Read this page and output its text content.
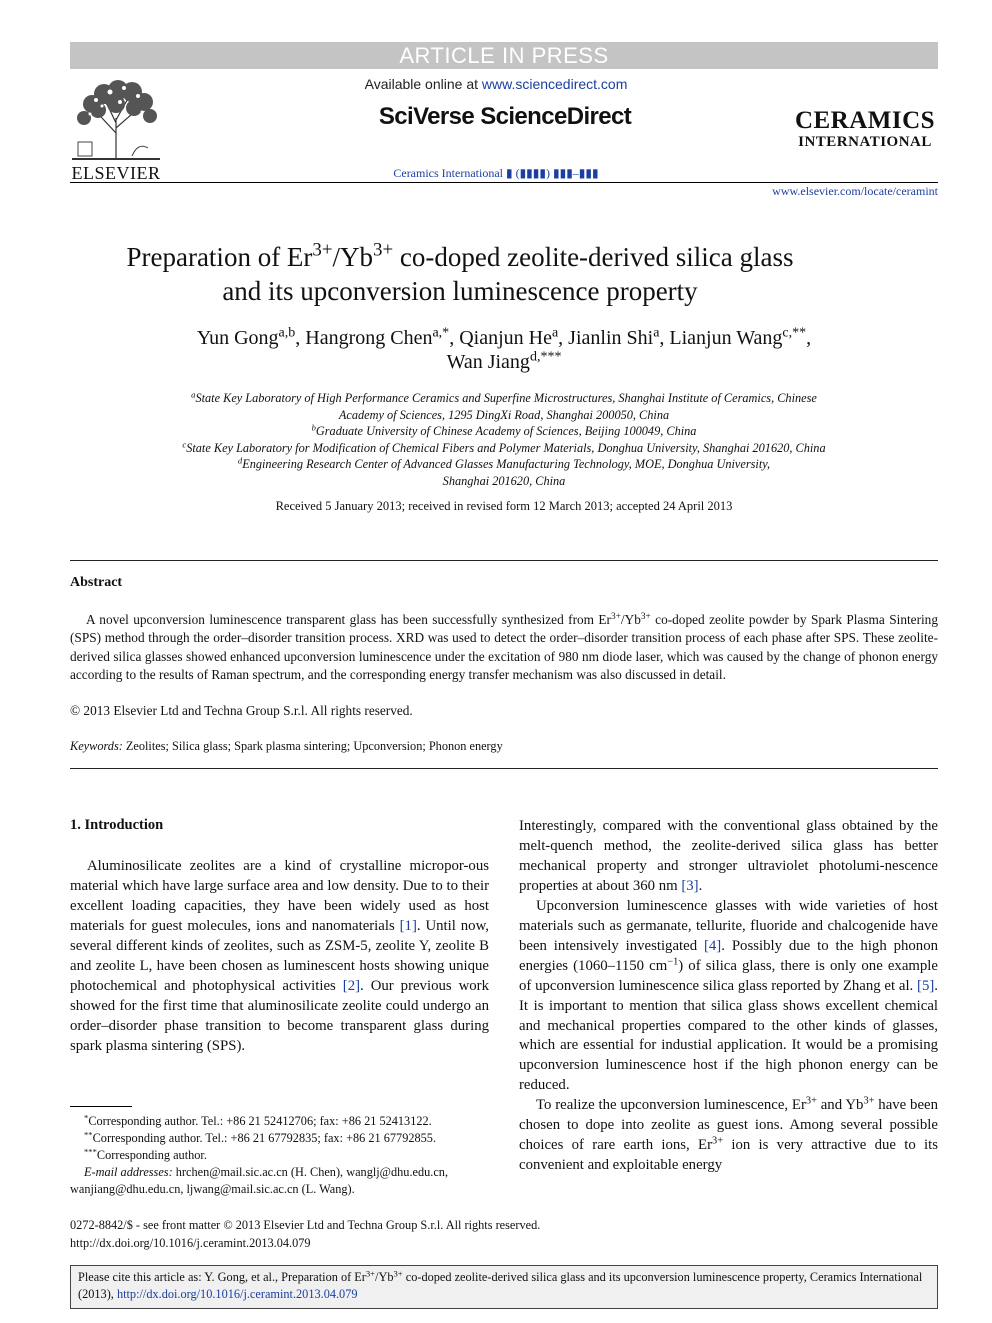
ARTICLE IN PRESS
ELSEVIER
Available online at www.sciencedirect.com
SciVerse ScienceDirect
Ceramics International ▮ (▮▮▮▮) ▮▮▮–▮▮▮
CERAMICS
INTERNATIONAL
www.elsevier.com/locate/ceramint
Preparation of $Er^{3+}/Yb^{3+}$ co-doped zeolite-derived silica glass
and its upconversion luminescence property
Yun Gong$^{a,b}$, Hangrong Chen$^{a,*}$, Qianjun He$^a$, Jianlin Shi$^a$, Lianjun Wang$^{c,**}$,
Wan Jiang$^{d,***}$
$^a$State Key Laboratory of High Performance Ceramics and Superfine Microstructures, Shanghai Institute of Ceramics, Chinese
Academy of Sciences, 1295 DingXi Road, Shanghai 200050, China
$^b$Graduate University of Chinese Academy of Sciences, Beijing 100049, China
$^c$State Key Laboratory for Modification of Chemical Fibers and Polymer Materials, Donghua University, Shanghai 201620, China
$^d$Engineering Research Center of Advanced Glasses Manufacturing Technology, MOE, Donghua University,
Shanghai 201620, China
Received 5 January 2013; received in revised form 12 March 2013; accepted 24 April 2013
Abstract

A novel upconversion luminescence transparent glass has been successfully synthesized from $Er^{3+}/Yb^{3+}$ co-doped zeolite powder by Spark Plasma Sintering (SPS) method through the order–disorder transition process. XRD was used to detect the order–disorder transition process of each phase after SPS. These zeolite-derived silica glasses showed enhanced upconversion luminescence under the excitation of 980 nm diode laser, which was caused by the change of phonon energy according to the results of Raman spectrum, and the corresponding energy transfer mechanism was also discussed in detail.

© 2013 Elsevier Ltd and Techna Group S.r.l. All rights reserved.
Keywords: Zeolites; Silica glass; Spark plasma sintering; Upconversion; Phonon energy
1. Introduction

Aluminosilicate zeolites are a kind of crystalline micropor-ous material which have large surface area and low density. Due to to their excellent loading capacities, they have been widely used as host materials for guest molecules, ions and nanomaterials [1]. Until now, several different kinds of zeolites, such as ZSM-5, zeolite Y, zeolite B and zeolite L, have been chosen as luminescent hosts showing unique photochemical and photophysical activities [2]. Our previous work showed for the first time that aluminosilicate zeolite could undergo an order–disorder phase transition to become transparent glass during spark plasma sintering (SPS).

Interestingly, compared with the conventional glass obtained by the melt-quench method, the zeolite-derived silica glass has better mechanical property and stronger ultraviolet photolumi-nescence properties at about 360 nm [3].

Upconversion luminescence glasses with wide varieties of host materials such as germanate, tellurite, fluoride and chalcogenide have been intensively investigated [4]. Possibly due to the high phonon energies (1060–1150 $cm^{-1}$) of silica glass, there is only one example of upconversion luminescence silica glass reported by Zhang et al. [5]. It is important to mention that silica glass shows excellent chemical and mechanical properties compared to the other kinds of glasses, which are essential for industial application. It would be a promising upconversion luminescence host if the high phonon energy can be reduced.

To realize the upconversion luminescence, $Er^{3+}$ and $Yb^{3+}$ have been chosen to dope into zeolite as guest ions. Among several possible choices of rare earth ions, $Er^{3+}$ ion is very attractive due to its convenient and exploitable energy

*Corresponding author. Tel.: +86 21 52412706; fax: +86 21 52413122.
**Corresponding author. Tel.: +86 21 67792835; fax: +86 21 67792855.
***Corresponding author.
E-mail addresses: hrchen@mail.sic.ac.cn (H. Chen), wanglj@dhu.edu.cn,
wanjiang@dhu.edu.cn, ljwang@mail.sic.ac.cn (L. Wang).
0272-8842/$ - see front matter © 2013 Elsevier Ltd and Techna Group S.r.l. All rights reserved.
http://dx.doi.org/10.1016/j.ceramint.2013.04.079
Please cite this article as: Y. Gong, et al., Preparation of $Er^{3+}/Yb^{3+}$ co-doped zeolite-derived silica glass and its upconversion luminescence property, Ceramics International (2013), http://dx.doi.org/10.1016/j.ceramint.2013.04.079
